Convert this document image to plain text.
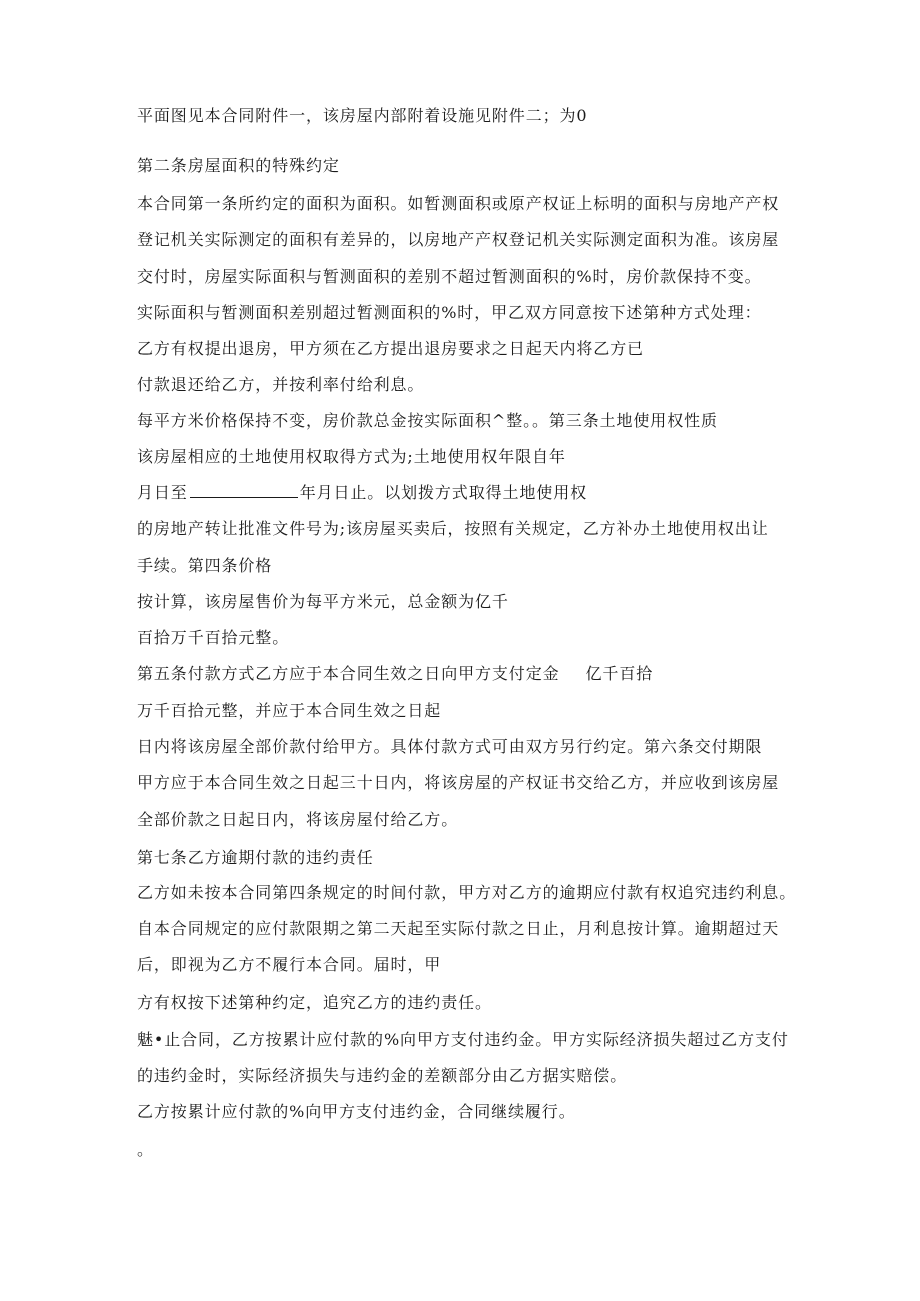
平面图见本合同附件一，该房屋内部附着设施见附件二；为0
第二条房屋面积的特殊约定
本合同第一条所约定的面积为面积。如暂测面积或原产权证上标明的面积与房地产产权
登记机关实际测定的面积有差异的，以房地产产权登记机关实际测定面积为准。该房屋
交付时，房屋实际面积与暂测面积的差别不超过暂测面积的%时，房价款保持不变。
实际面积与暂测面积差别超过暂测面积的%时，甲乙双方同意按下述第种方式处理：
乙方有权提出退房，甲方须在乙方提出退房要求之日起天内将乙方已
付款退还给乙方，并按利率付给利息。
每平方米价格保持不变，房价款总金按实际面积^整。。第三条土地使用权性质
该房屋相应的土地使用权取得方式为;土地使用权年限自年
月日至	年月日止。以划拨方式取得土地使用权
的房地产转让批准文件号为;该房屋买卖后，按照有关规定，乙方补办土地使用权出让
手续。第四条价格
按计算，该房屋售价为每平方米元，总金额为亿千
百拾万千百拾元整。
第五条付款方式乙方应于本合同生效之日向甲方支付定金 亿千百拾
万千百拾元整，并应于本合同生效之日起
日内将该房屋全部价款付给甲方。具体付款方式可由双方另行约定。第六条交付期限
甲方应于本合同生效之日起三十日内，将该房屋的产权证书交给乙方，并应收到该房屋
全部价款之日起日内，将该房屋付给乙方。
第七条乙方逾期付款的违约责任
乙方如未按本合同第四条规定的时间付款，甲方对乙方的逾期应付款有权追究违约利息。
自本合同规定的应付款限期之第二天起至实际付款之日止，月利息按计算。逾期超过天
后，即视为乙方不履行本合同。届时，甲
方有权按下述第种约定，追究乙方的违约责任。
魅•止合同，乙方按累计应付款的%向甲方支付违约金。甲方实际经济损失超过乙方支付
的违约金时，实际经济损失与违约金的差额部分由乙方据实赔偿。
乙方按累计应付款的%向甲方支付违约金，合同继续履行。
。
